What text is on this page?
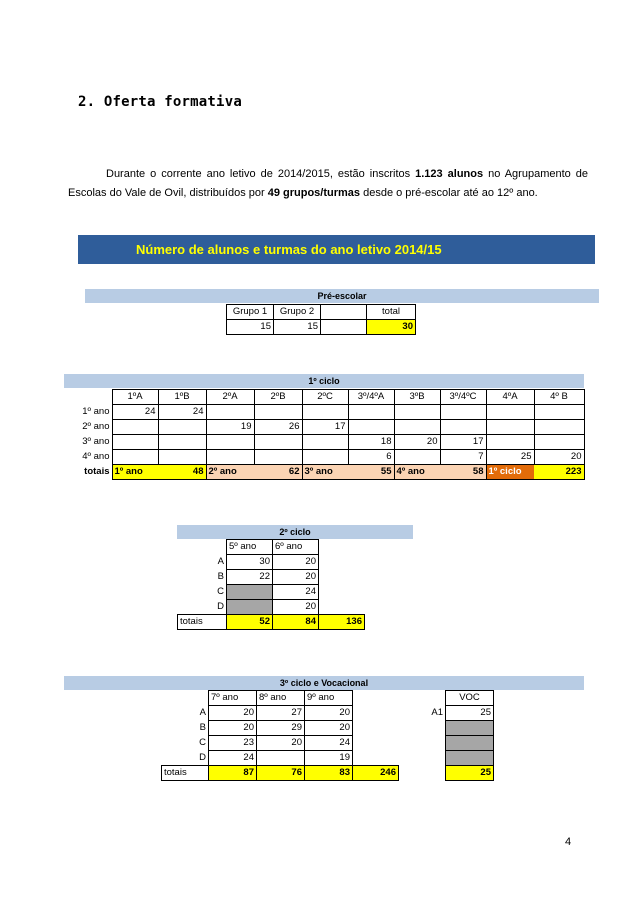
2. Oferta formativa
Durante o corrente ano letivo de 2014/2015, estão inscritos 1.123 alunos no Agrupamento de Escolas do Vale de Ovil, distribuídos por 49 grupos/turmas desde o pré-escolar até ao 12º ano.
Número de alunos e turmas do ano letivo 2014/15
Pré-escolar
Grupo 1	Grupo 2		total
15	15		30
1º ciclo
	1ºA	1ºB	2ºA	2ºB	2ºC	3º/4ºA	3ºB	3º/4ºC	4ºA	4º B
1º ano	24	24								
2º ano			19	26	17					
3º ano						18	20	17		
4º ano						6		7	25	20
totais	1º ano	48	2º ano	62	3º ano	55	4º ano	58	1º ciclo	223
2º ciclo
	5º ano	6º ano	
A	30	20	
B	22	20	
C		24	
D		20	
totais	52	84	136
3º ciclo e Vocacional
	7º ano	8º ano	9º ano			VOC
A	20	27	20		A1	25
B	20	29	20			
C	23	20	24			
D	24		19			
totais	87	76	83	246		25
4
